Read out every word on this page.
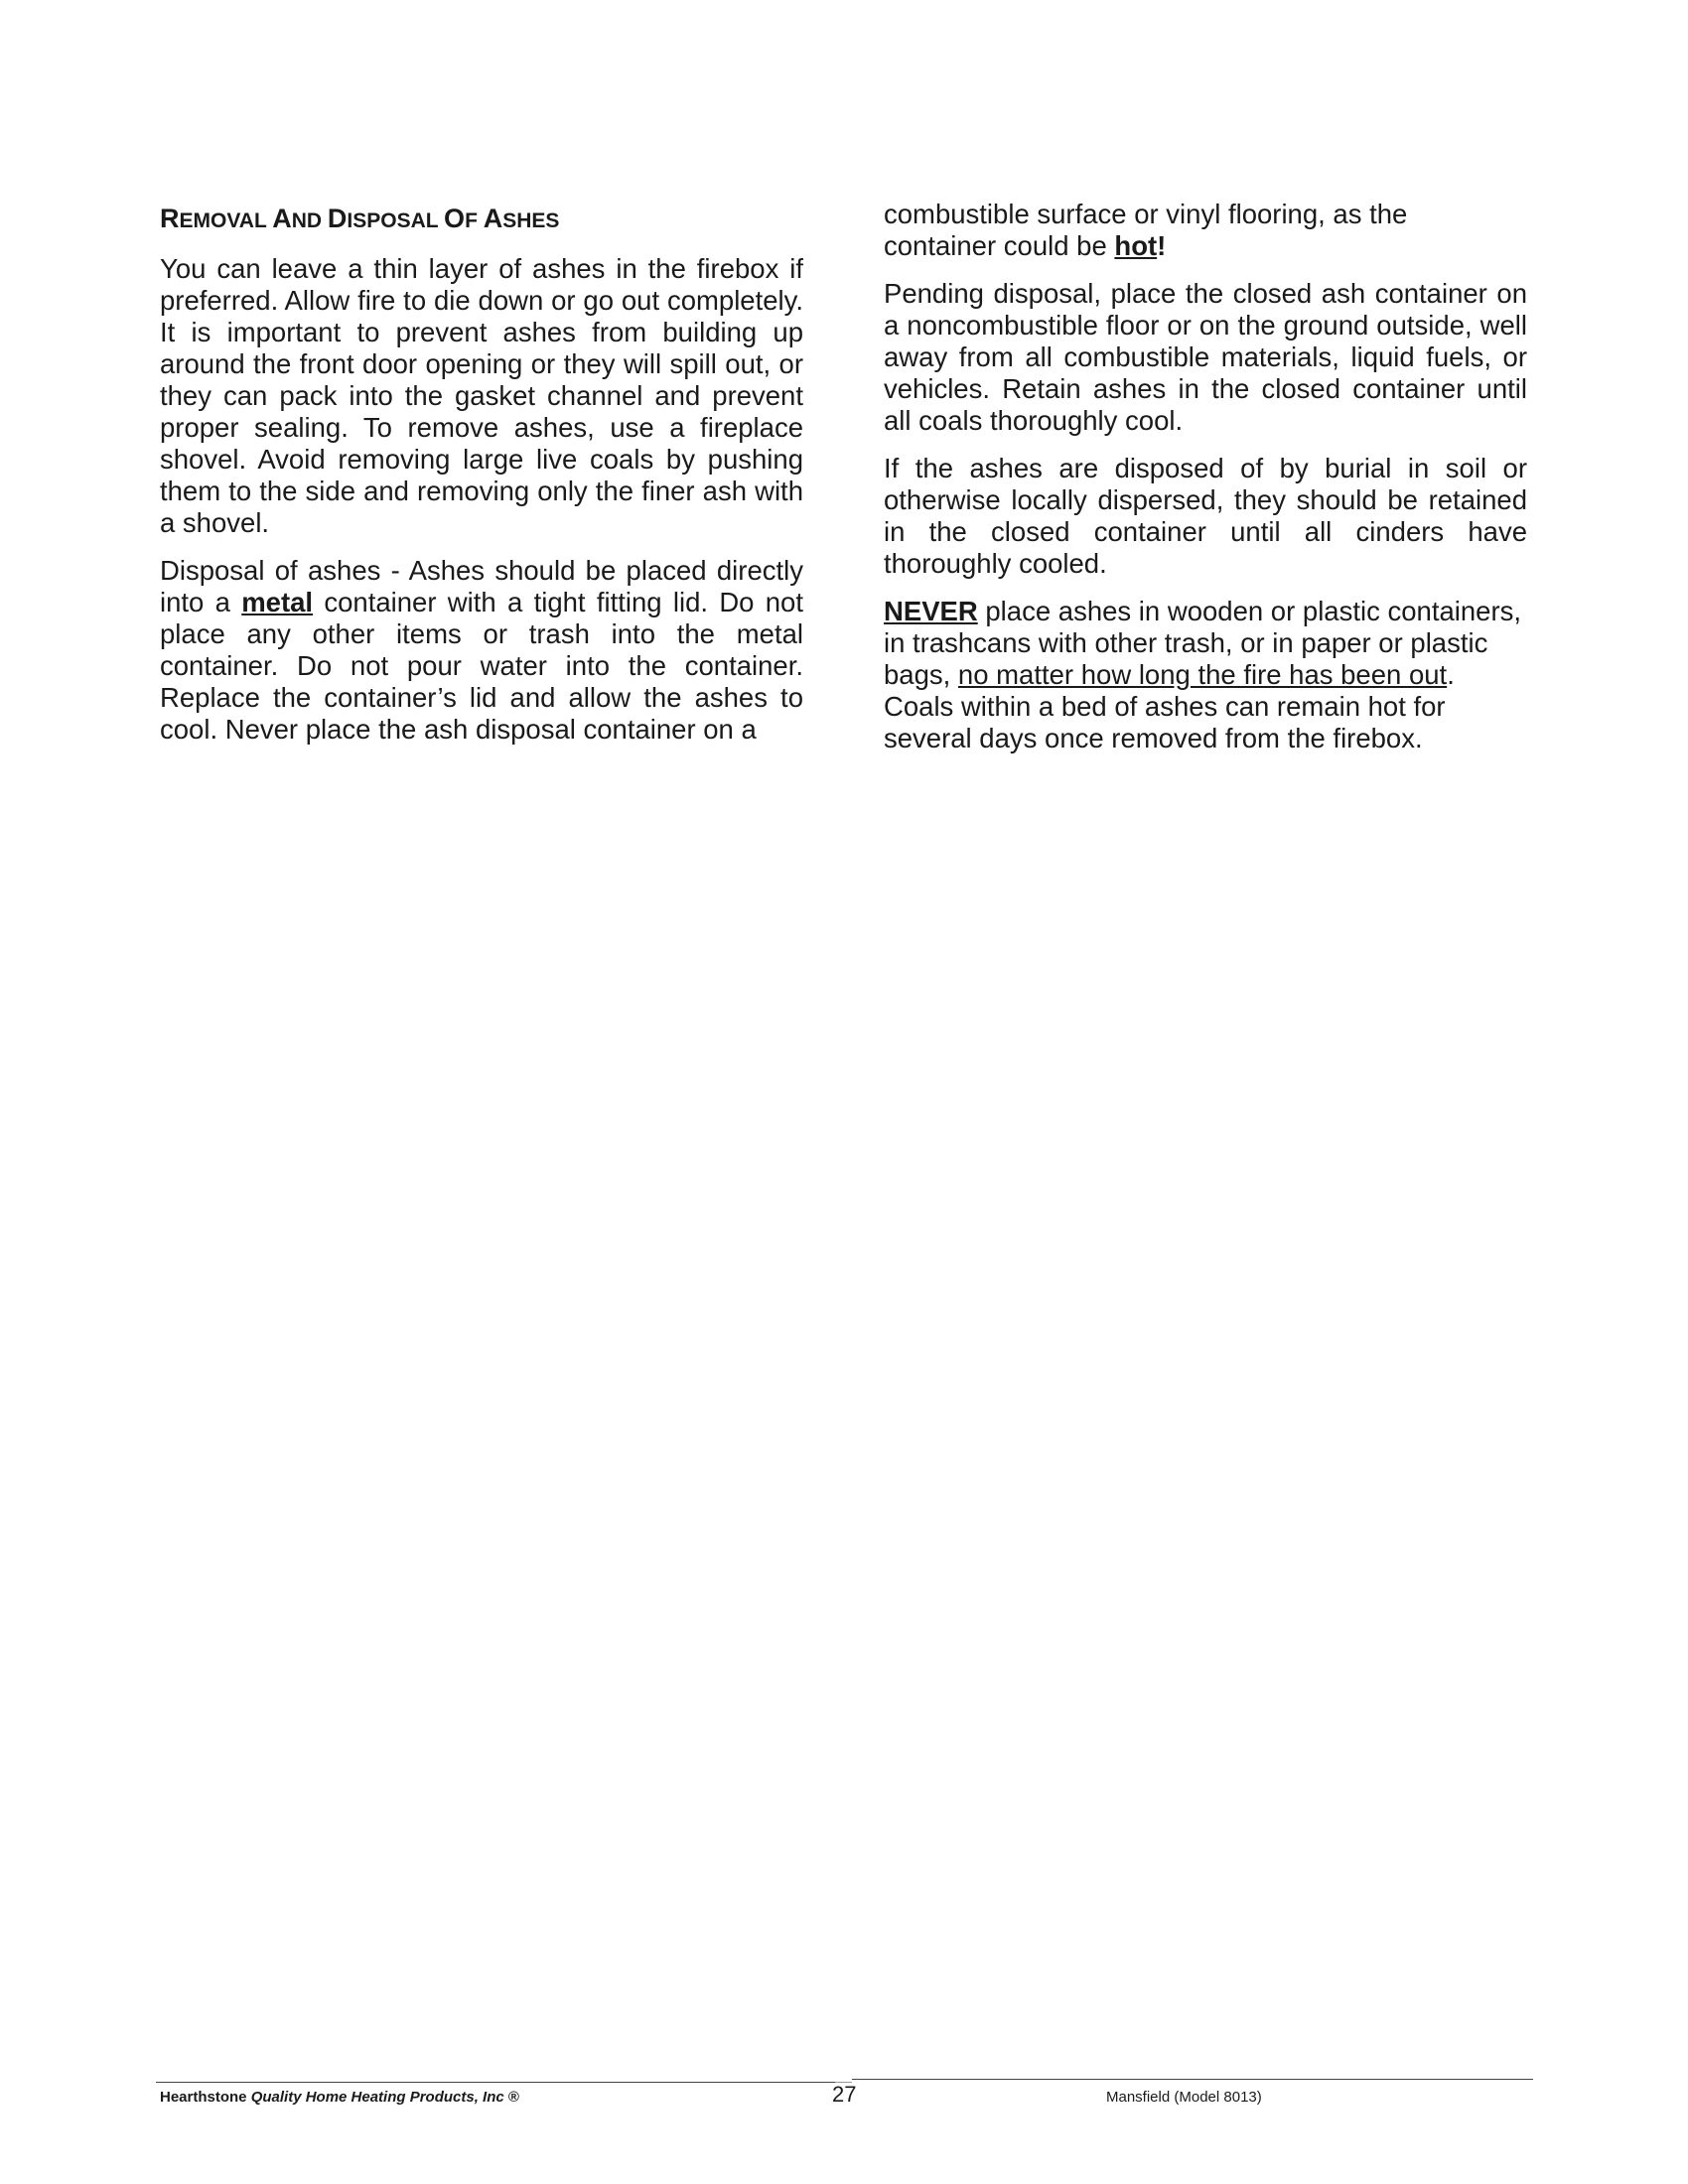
REMOVAL AND DISPOSAL OF ASHES

You can leave a thin layer of ashes in the firebox if preferred. Allow fire to die down or go out completely. It is important to prevent ashes from building up around the front door opening or they will spill out, or they can pack into the gasket channel and prevent proper sealing. To remove ashes, use a fireplace shovel. Avoid removing large live coals by pushing them to the side and removing only the finer ash with a shovel.

Disposal of ashes - Ashes should be placed directly into a metal container with a tight fitting lid. Do not place any other items or trash into the metal container. Do not pour water into the container. Replace the container’s lid and allow the ashes to cool. Never place the ash disposal container on a

combustible surface or vinyl flooring, as the container could be hot!

Pending disposal, place the closed ash container on a noncombustible floor or on the ground outside, well away from all combustible materials, liquid fuels, or vehicles. Retain ashes in the closed container until all coals thoroughly cool.

If the ashes are disposed of by burial in soil or otherwise locally dispersed, they should be retained in the closed container until all cinders have thoroughly cooled.

NEVER place ashes in wooden or plastic containers,
in trashcans with other trash, or in paper or plastic
bags, no matter how long the fire has been out.
Coals within a bed of ashes can remain hot for
several days once removed from the firebox.

Hearthstone Quality Home Heating Products, Inc ®	27	Mansfield (Model 8013)
